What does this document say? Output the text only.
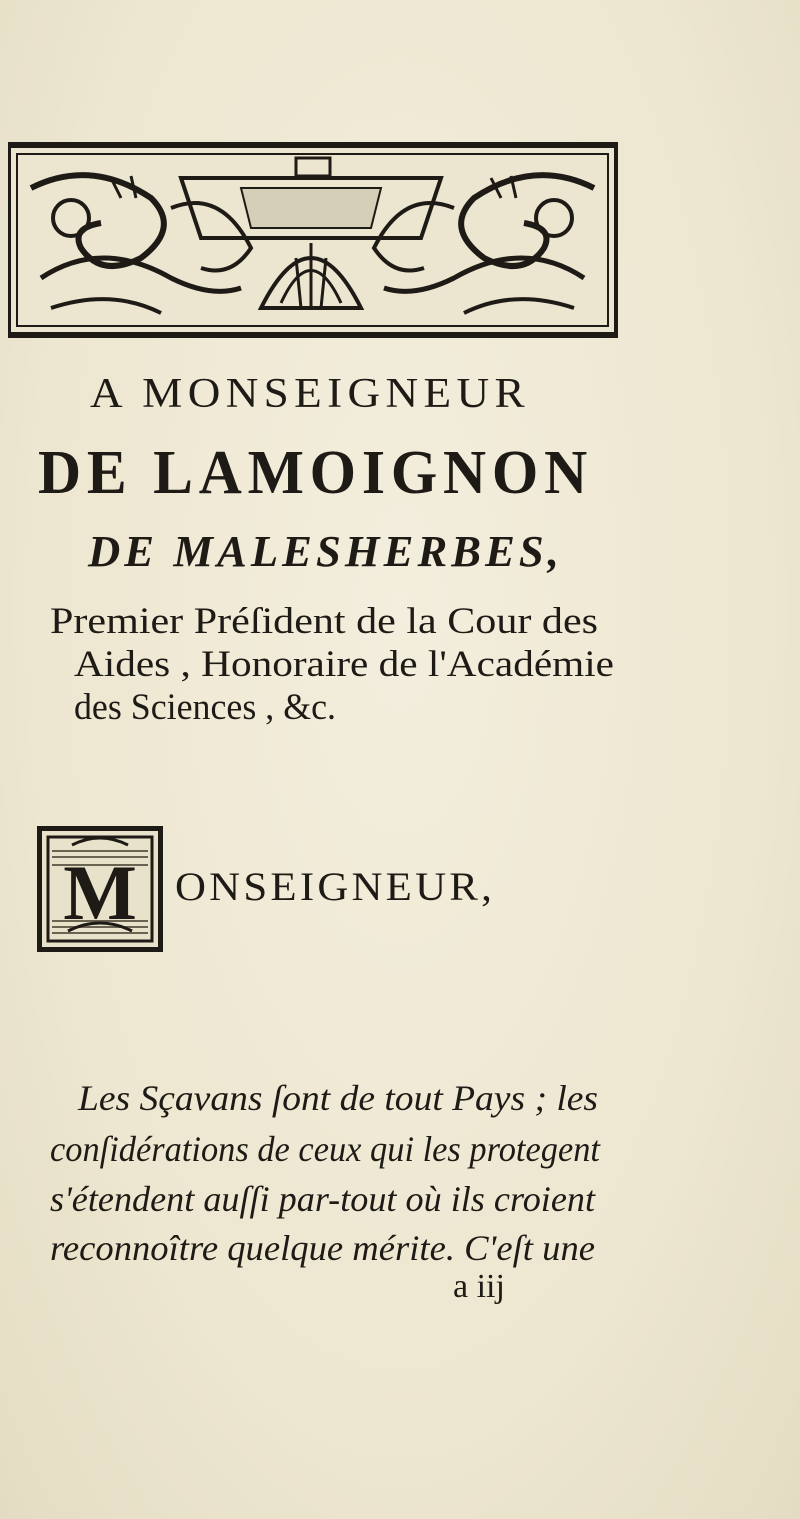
A MONSEIGNEUR

DE LAMOIGNON

DE MALESHERBES,

Premier Préſident de la Cour des

Aides , Honoraire de l'Académie

des Sciences , &c.

M ONSEIGNEUR,

Les Sçavans ſont de tout Pays ; les

conſidérations de ceux qui les protegent

s'étendent auſſi par-tout où ils croient

reconnoître quelque mérite. C'eſt une

a iij
